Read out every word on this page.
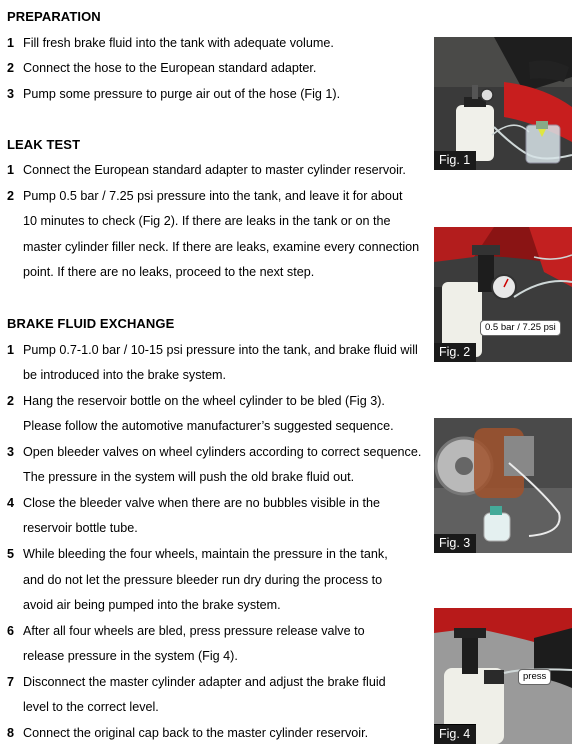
PREPARATION
1 Fill fresh brake fluid into the tank with adequate volume.
2 Connect the hose to the European standard adapter.
3 Pump some pressure to purge air out of the hose (Fig 1).
LEAK TEST
1 Connect the European standard adapter to master cylinder reservoir.
2 Pump 0.5 bar / 7.25 psi pressure into the tank, and leave it for about
10 minutes to check (Fig 2). If there are leaks in the tank or on the
master cylinder filler neck. If there are leaks, examine every connection
point. If there are no leaks, proceed to the next step.
BRAKE FLUID EXCHANGE
1 Pump 0.7-1.0 bar / 10-15 psi pressure into the tank, and brake fluid will
be introduced into the brake system.
2 Hang the reservoir bottle on the wheel cylinder to be bled (Fig 3).
Please follow the automotive manufacturer’s suggested sequence.
3 Open bleeder valves on wheel cylinders according to correct sequence.
The pressure in the system will push the old brake fluid out.
4 Close the bleeder valve when there are no bubbles visible in the
reservoir bottle tube.
5 While bleeding the four wheels, maintain the pressure in the tank,
and do not let the pressure bleeder run dry during the process to
avoid air being pumped into the brake system.
6 After all four wheels are bled, press pressure release valve to
release pressure in the system (Fig 4).
7 Disconnect the master cylinder adapter and adjust the brake fluid
level to the correct level.
8 Connect the original cap back to the master cylinder reservoir.
Fig. 1
0.5 bar / 7.25 psi
Fig. 2
Fig. 3
press
Fig. 4
